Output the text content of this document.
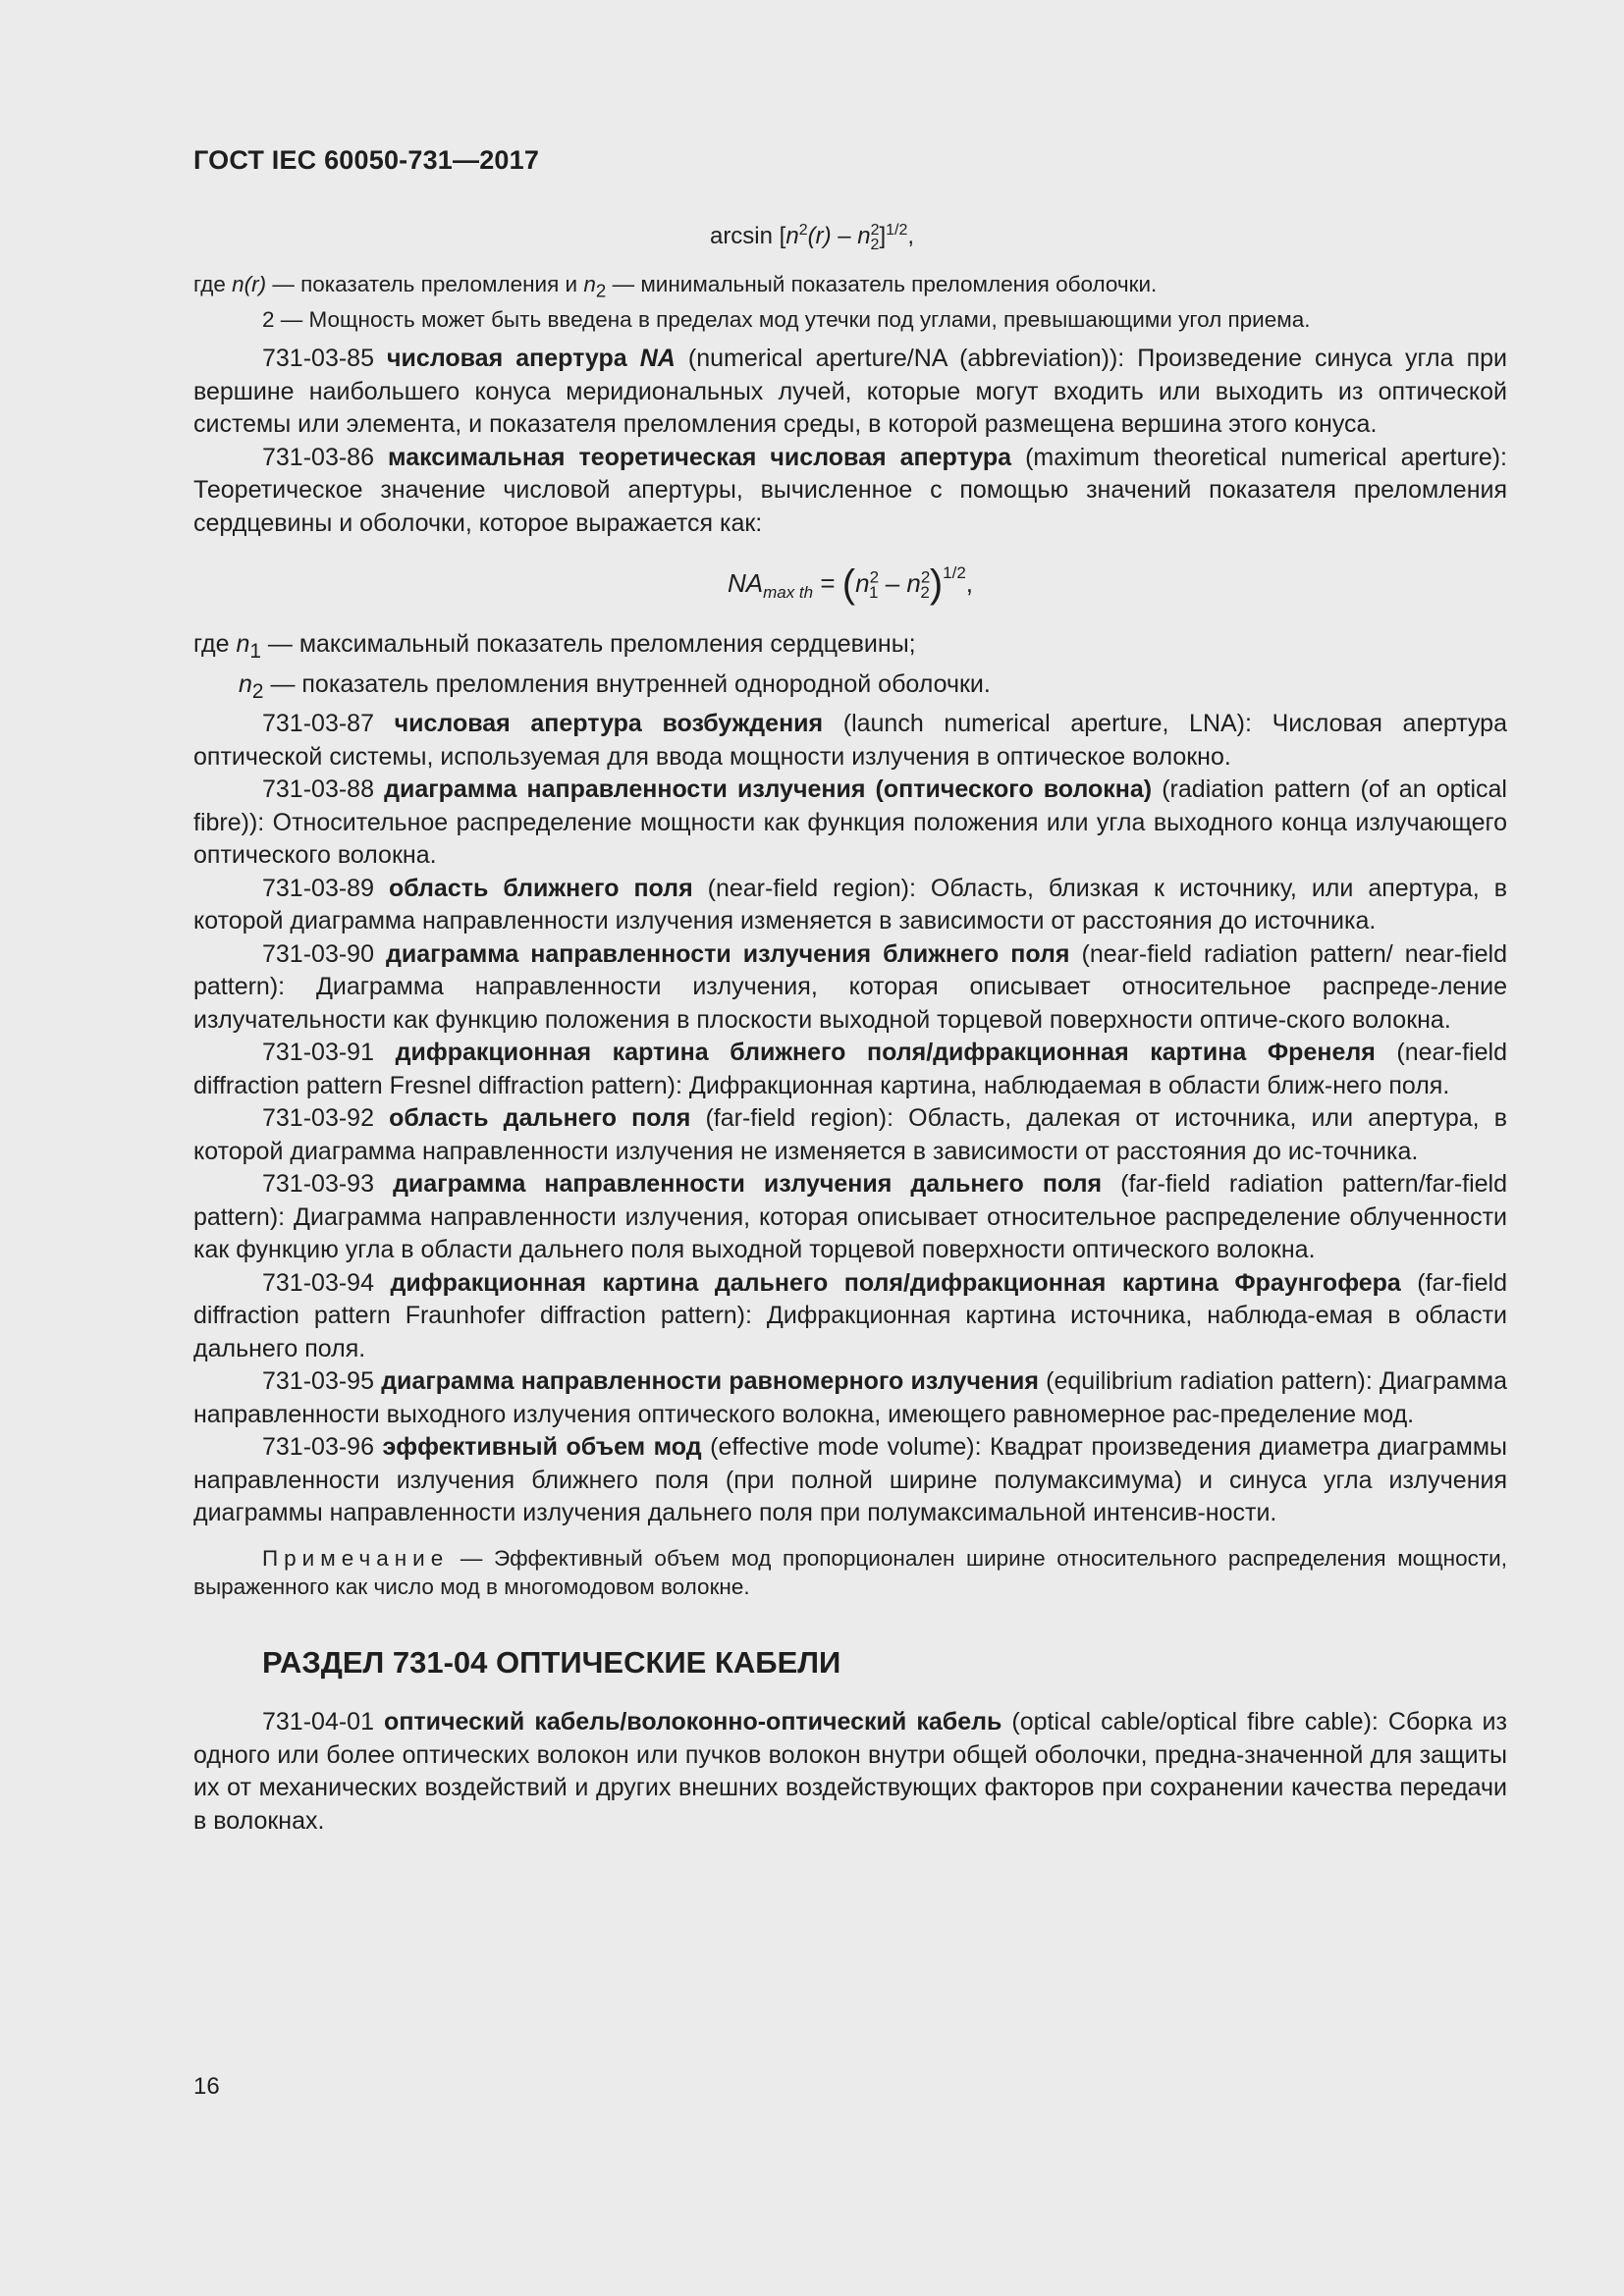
ГОСТ IEC 60050-731—2017
$\arcsin [n^2(r) - n^2_2]^{1/2}$,

где n(r) — показатель преломления и $n_2$ — минимальный показатель преломления оболочки.

2 — Мощность может быть введена в пределах мод утечки под углами, превышающими угол приема.

731-03-85 числовая апертура NA (numerical aperture/NA (abbreviation)): Произведение синуса угла при вершине наибольшего конуса меридиональных лучей, которые могут входить или выходить из оптической системы или элемента, и показателя преломления среды, в которой размещена вершина этого конуса.

731-03-86 максимальная теоретическая числовая апертура (maximum theoretical numerical aperture): Теоретическое значение числовой апертуры, вычисленное с помощью значений показателя преломления сердцевины и оболочки, которое выражается как:

$NA_{max th} = (n^2_1 - n^2_2)^{1/2}$,

где $n_1$ — максимальный показатель преломления сердцевины;

$n_2$ — показатель преломления внутренней однородной оболочки.

731-03-87 числовая апертура возбуждения (launch numerical aperture, LNA): Числовая апертура оптической системы, используемая для ввода мощности излучения в оптическое волокно.

731-03-88 диаграмма направленности излучения (оптического волокна) (radiation pattern (of an optical fibre)): Относительное распределение мощности как функция положения или угла выходного конца излучающего оптического волокна.

731-03-89 область ближнего поля (near-field region): Область, близкая к источнику, или апертура, в которой диаграмма направленности излучения изменяется в зависимости от расстояния до источника.

731-03-90 диаграмма направленности излучения ближнего поля (near-field radiation pattern/ near-field pattern): Диаграмма направленности излучения, которая описывает относительное распреде-ление излучательности как функцию положения в плоскости выходной торцевой поверхности оптиче-ского волокна.

731-03-91 дифракционная картина ближнего поля/дифракционная картина Френеля (near-field diffraction pattern Fresnel diffraction pattern): Дифракционная картина, наблюдаемая в области ближ-него поля.

731-03-92 область дальнего поля (far-field region): Область, далекая от источника, или апертура, в которой диаграмма направленности излучения не изменяется в зависимости от расстояния до ис-точника.

731-03-93 диаграмма направленности излучения дальнего поля (far-field radiation pattern/far-field pattern): Диаграмма направленности излучения, которая описывает относительное распределение облученности как функцию угла в области дальнего поля выходной торцевой поверхности оптического волокна.

731-03-94 дифракционная картина дальнего поля/дифракционная картина Фраунгофера (far-field diffraction pattern Fraunhofer diffraction pattern): Дифракционная картина источника, наблюда-емая в области дальнего поля.

731-03-95 диаграмма направленности равномерного излучения (equilibrium radiation pattern): Диаграмма направленности выходного излучения оптического волокна, имеющего равномерное рас-пределение мод.

731-03-96 эффективный объем мод (effective mode volume): Квадрат произведения диаметра диаграммы направленности излучения ближнего поля (при полной ширине полумаксимума) и синуса угла излучения диаграммы направленности излучения дальнего поля при полумаксимальной интенсив-ности.

Примечание — Эффективный объем мод пропорционален ширине относительного распределения мощности, выраженного как число мод в многомодовом волокне.

РАЗДЕЛ 731-04 ОПТИЧЕСКИЕ КАБЕЛИ

731-04-01 оптический кабель/волоконно-оптический кабель (optical cable/optical fibre cable): Сборка из одного или более оптических волокон или пучков волокон внутри общей оболочки, предна-значенной для защиты их от механических воздействий и других внешних воздействующих факторов при сохранении качества передачи в волокнах.

16
